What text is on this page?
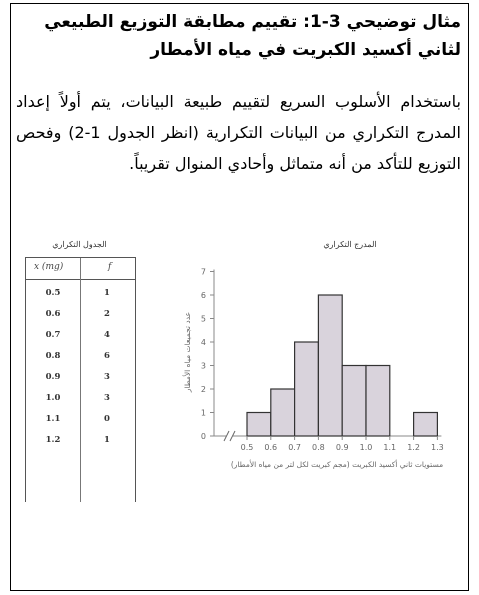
مثال توضيحي 3-1: تقييم مطابقة التوزيع الطبيعي لثاني أكسيد الكبريت في مياه الأمطار
باستخدام الأسلوب السريع لتقييم طبيعة البيانات، يتم أولاً إعداد المدرج التكراري من البيانات التكرارية (انظر الجدول 1-2) وفحص التوزيع للتأكد من أنه متماثل وأحادي المنوال تقريباً.
الجدول التكراري
x (mg)	f
0.5	1
0.6	2
0.7	4
0.8	6
0.9	3
1.0	3
1.1	0
1.2	1
المدرج التكراري
0
1
2
3
4
5
6
7
0.5 0.6 0.7 0.8 0.9 1.0 1.1 1.2 1.3
مستويات ثاني أكسيد الكبريت (مجم كبريت لكل لتر من مياه الأمطار)
عدد تجميعات مياه الأمطار
